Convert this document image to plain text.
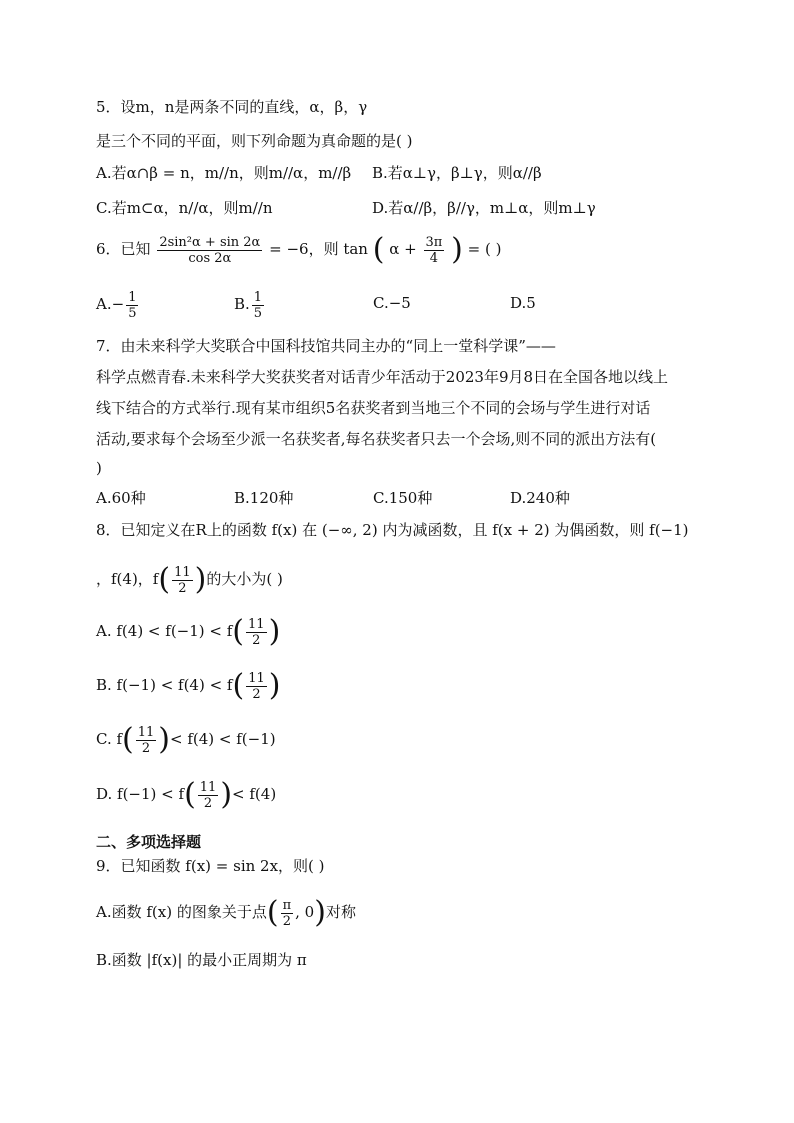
5．设m，n是两条不同的直线，α，β，γ
是三个不同的平面，则下列命题为真命题的是( )
A.若α∩β = n，m//n，则m//α，m//β B.若α⊥γ，β⊥γ，则α//β
C.若m⊂α，n//α，则m//n	D.若α//β，β//γ，m⊥α，则m⊥γ
6．已知 $\frac{\text{2sin²α + sin 2α}}{\cos 2\alpha} = -6$，则 tan ( $\alpha + \frac{3\pi}{4}$ ) = ( )
$A.- \frac{1}{5}$	B. $\frac{1}{5}$	C.−5	D.5
7．由未来科学大奖联合中国科技馆共同主办的“同上一堂科学课”——
科学点燃青春.未来科学大奖获奖者对话青少年活动于2023年9月8日在全国各地以线上
线下结合的方式举行.现有某市组织5名获奖者到当地三个不同的会场与学生进行对话
活动,要求每个会场至少派一名获奖者,每名获奖者只去一个会场,则不同的派出方法有(
)
A.60种	B.120种	C.150种	D.240种
8．已知定义在R上的函数 f(x) 在 (−∞, 2) 内为减函数，且 f(x + 2) 为偶函数，则 f(−1)
，f(4)，$f( \frac{11}{2}$ )的大小为( )
A. $f(4) < f(-1) < f( \frac{11}{2}$ )
B. $f(-1) < f(4) < f( \frac{11}{2}$ )
C. $f( \frac{11}{2}$ )< f(4) < f(−1)
D. $f(-1) < f( \frac{11}{2}$ )< f(4)
二、多项选择题
9．已知函数 f(x) = sin 2x，则( )
A.函数 f(x) 的图象关于点( $\frac{\pi}{2}$ , 0)对称
B.函数 |f(x)| 的最小正周期为 π
